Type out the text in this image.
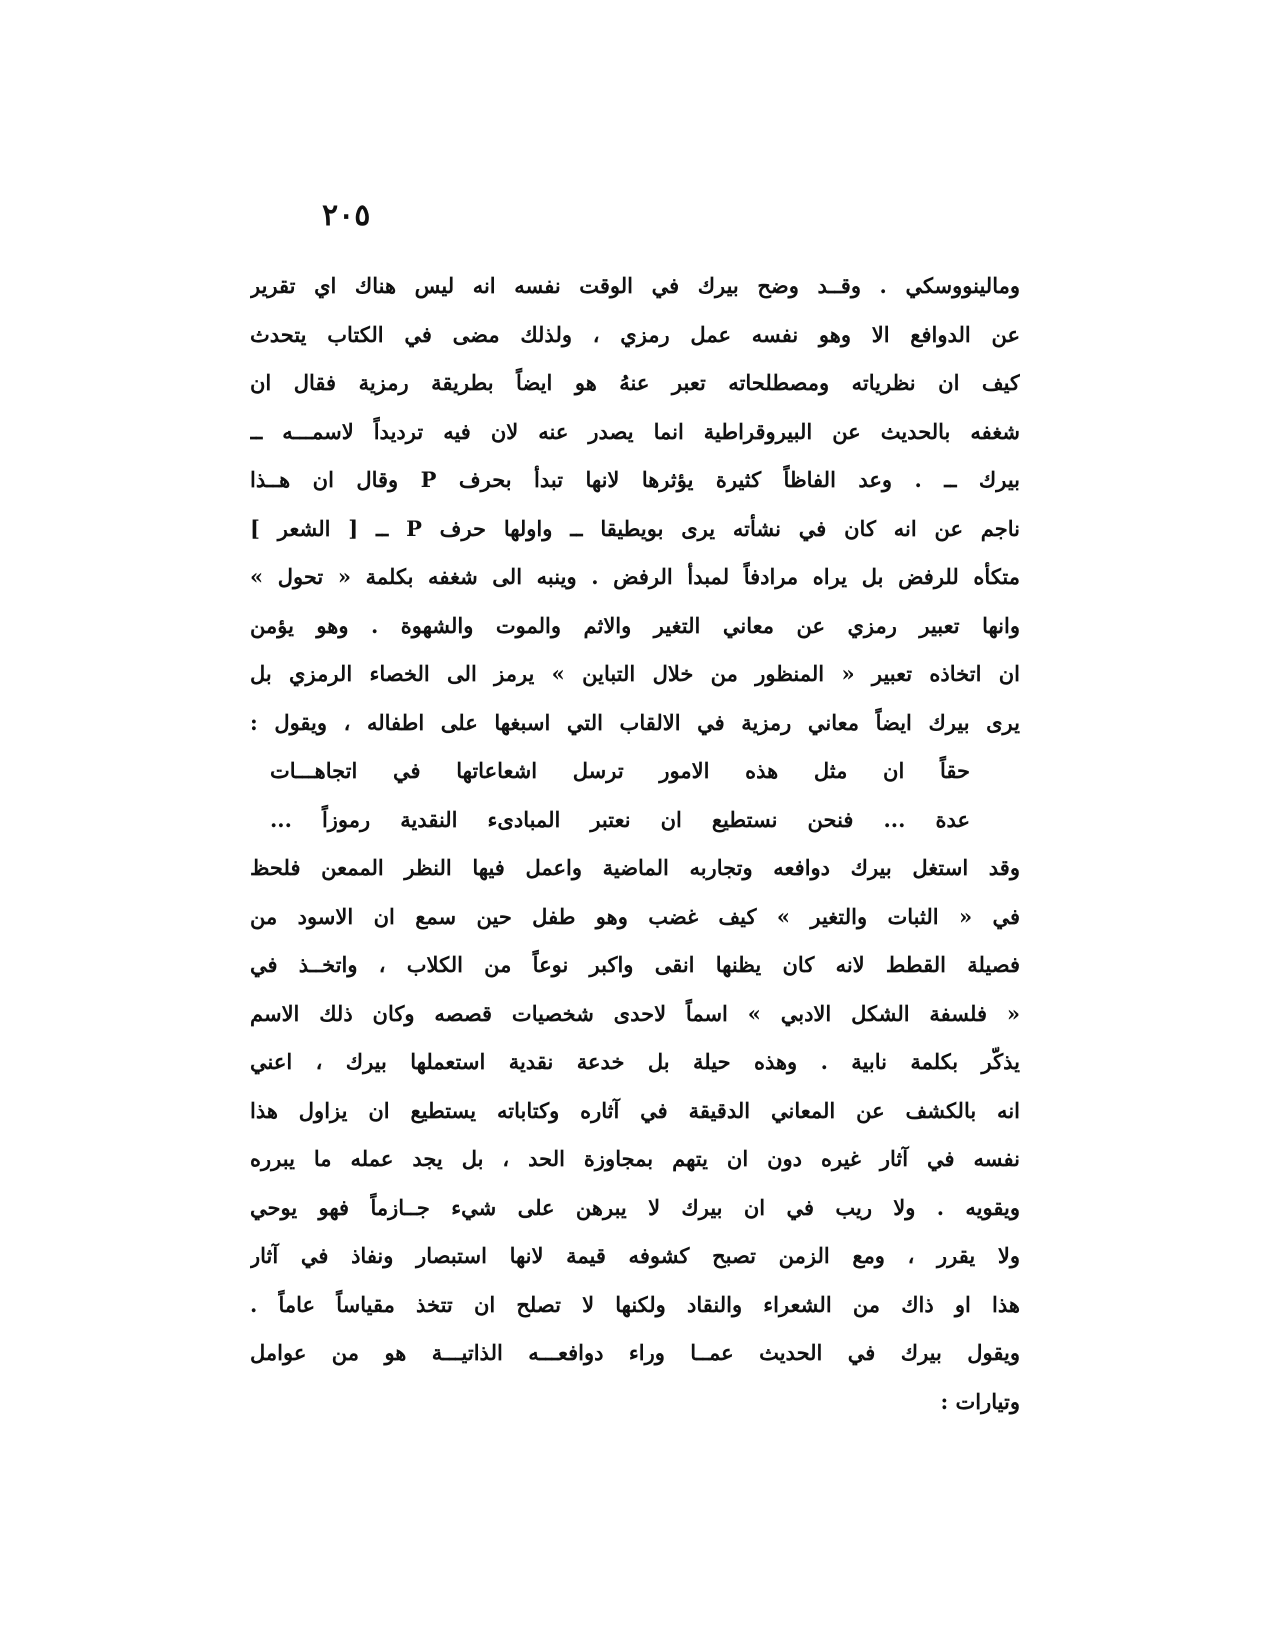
٢٠٥
ومالينووسكي . وقــد وضح بيرك في الوقت نفسه انه ليس هناك اي تقرير
عن الدوافع الا وهو نفسه عمل رمزي ، ولذلك مضى في الكتاب يتحدث
كيف ان نظرياته ومصطلحاته تعبر عنهُ هو ايضاً بطريقة رمزية فقال ان
شغفه بالحديث عن البيروقراطية انما يصدر عنه لان فيه ترديداً لاسمـــه ــ
بيرك ــ . وعد الفاظاً كثيرة يؤثرها لانها تبدأ بحرف P وقال ان هــذا
ناجم عن انه كان في نشأته يرى بويطيقا ــ واولها حرف P ــ [ الشعر ]
متكأه للرفض بل يراه مرادفاً لمبدأ الرفض . وينبه الى شغفه بكلمة « تحول »
وانها تعبير رمزي عن معاني التغير والاثم والموت والشهوة . وهو يؤمن
ان اتخاذه تعبير « المنظور من خلال التباين » يرمز الى الخصاء الرمزي بل
يرى بيرك ايضاً معاني رمزية في الالقاب التي اسبغها على اطفاله ، ويقول :
حقاً ان مثل هذه الامور ترسل اشعاعاتها في اتجاهـــات
عدة ... فنحن نستطيع ان نعتبر المبادىء النقدية رموزاً ...
وقد استغل بيرك دوافعه وتجاربه الماضية واعمل فيها النظر الممعن فلحظ
في « الثبات والتغير » كيف غضب وهو طفل حين سمع ان الاسود من
فصيلة القطط لانه كان يظنها انقى واكبر نوعاً من الكلاب ، واتخــذ في
« فلسفة الشكل الادبي » اسماً لاحدى شخصيات قصصه وكان ذلك الاسم
يذكّر بكلمة نابية . وهذه حيلة بل خدعة نقدية استعملها بيرك ، اعني
انه بالكشف عن المعاني الدقيقة في آثاره وكتاباته يستطيع ان يزاول هذا
نفسه في آثار غيره دون ان يتهم بمجاوزة الحد ، بل يجد عمله ما يبرره
ويقويه . ولا ريب في ان بيرك لا يبرهن على شيء جــازماً فهو يوحي
ولا يقرر ، ومع الزمن تصبح كشوفه قيمة لانها استبصار ونفاذ في آثار
هذا او ذاك من الشعراء والنقاد ولكنها لا تصلح ان تتخذ مقياساً عاماً .
ويقول بيرك في الحديث عمــا وراء دوافعـــه الذاتيـــة هو من عوامل
وتيارات :
